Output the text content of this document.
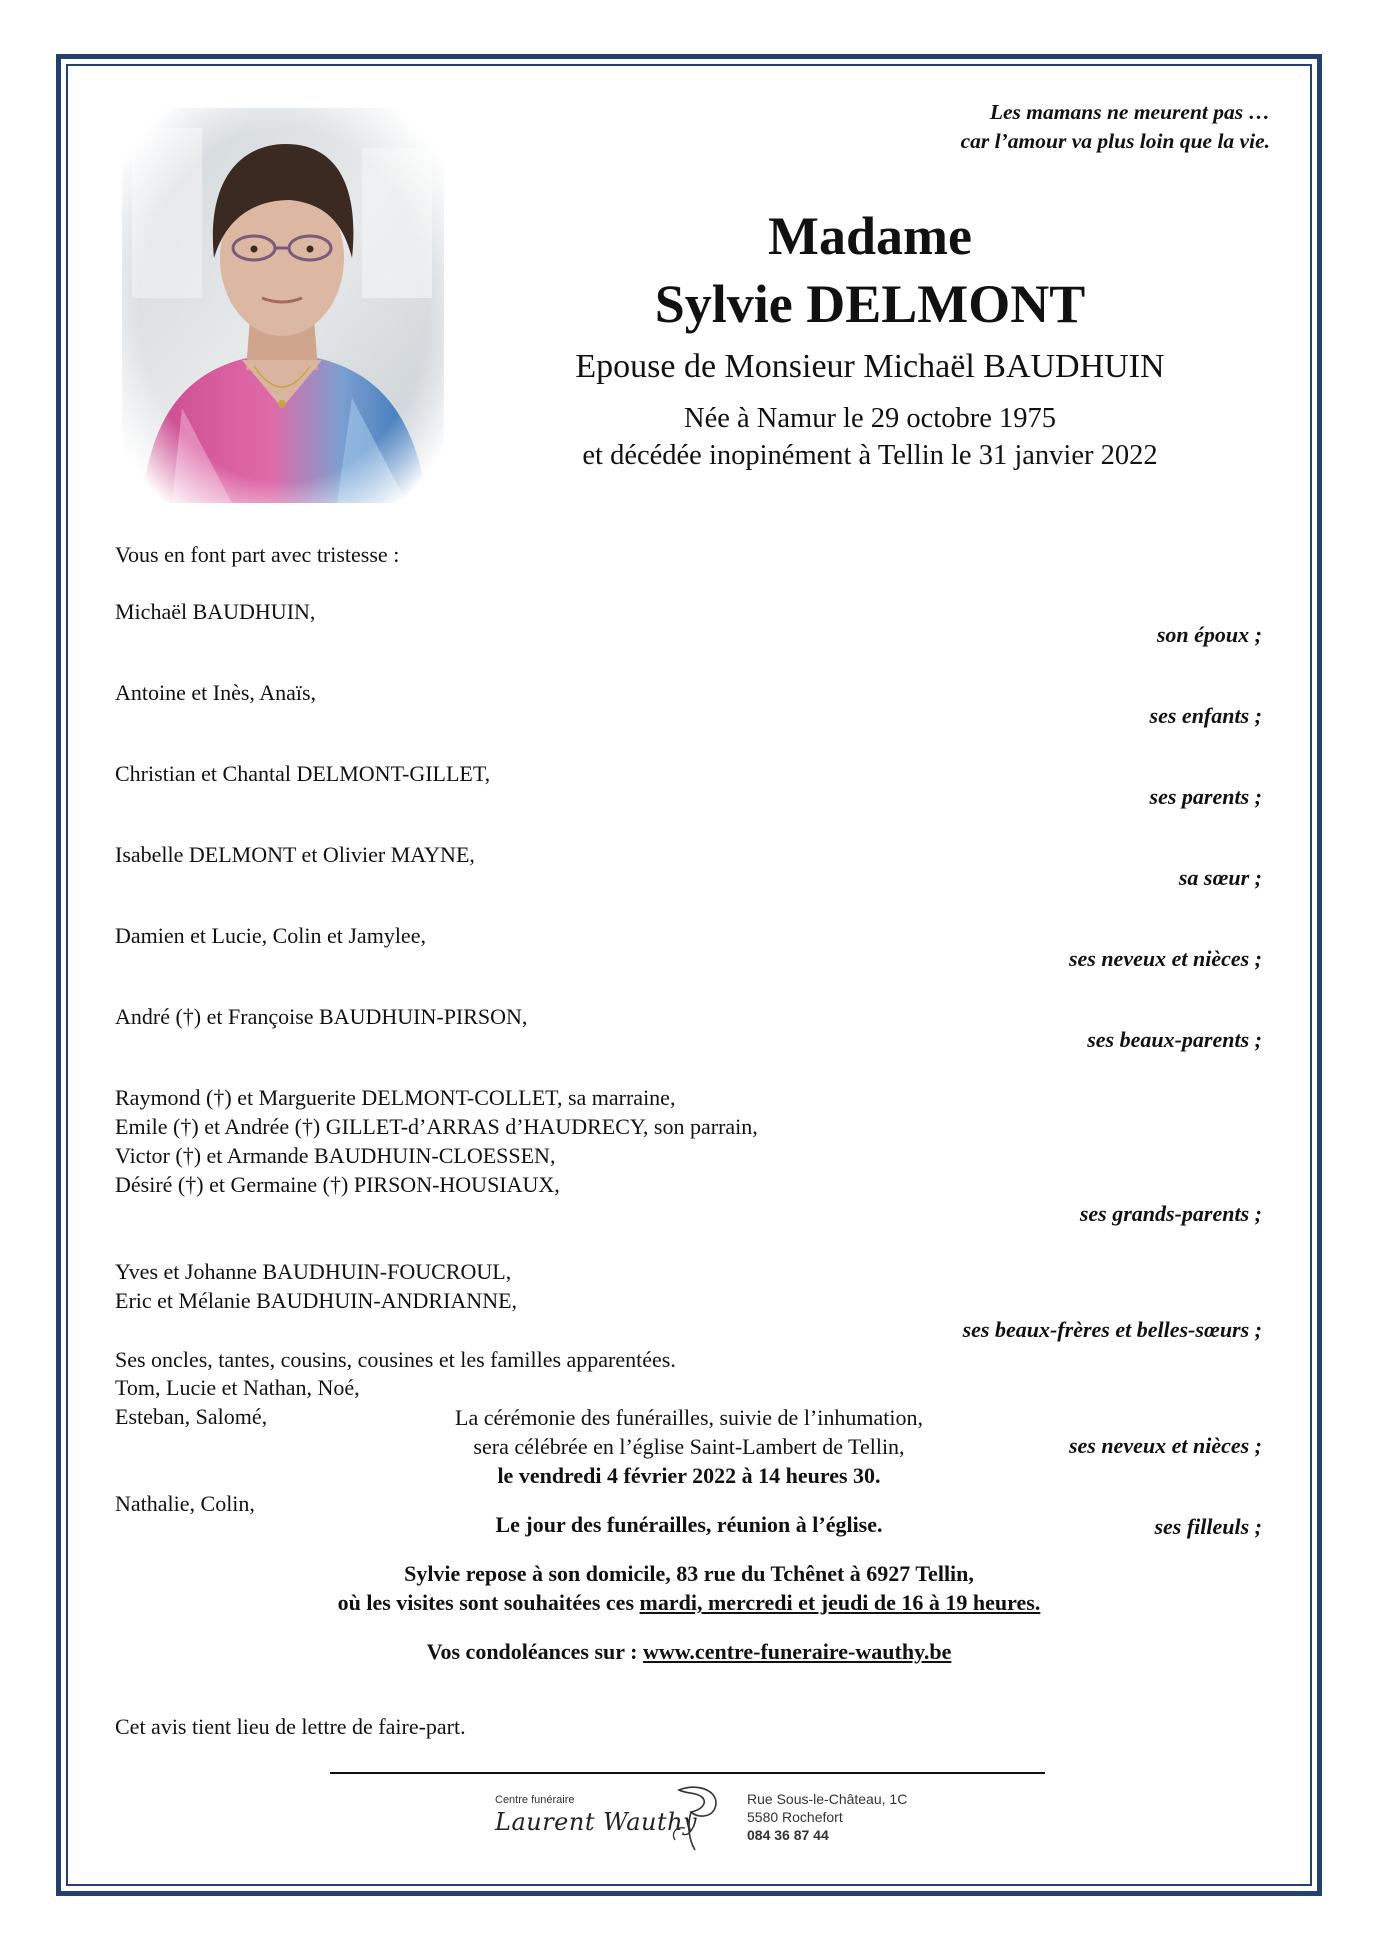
Les mamans ne meurent pas …
car l’amour va plus loin que la vie.
Madame
Sylvie DELMONT
Epouse de Monsieur Michaël BAUDHUIN
Née à Namur le 29 octobre 1975
et décédée inopinément à Tellin le 31 janvier 2022
Vous en font part avec tristesse :
Michaël BAUDHUIN,
son époux ;
Antoine et Inès, Anaïs,
ses enfants ;
Christian et Chantal DELMONT-GILLET,
ses parents ;
Isabelle DELMONT et Olivier MAYNE,
sa sœur ;
Damien et Lucie, Colin et Jamylee,
ses neveux et nièces ;
André (†) et Françoise BAUDHUIN-PIRSON,
ses beaux-parents ;
Raymond (†) et Marguerite DELMONT-COLLET, sa marraine,
Emile (†) et Andrée (†) GILLET-d’ARRAS d’HAUDRECY, son parrain,
Victor (†) et Armande BAUDHUIN-CLOESSEN,
Désiré (†) et Germaine (†) PIRSON-HOUSIAUX,
ses grands-parents ;
Yves et Johanne BAUDHUIN-FOUCROUL,
Eric et Mélanie BAUDHUIN-ANDRIANNE,
ses beaux-frères et belles-sœurs ;
Tom, Lucie et Nathan, Noé,
Esteban, Salomé,
ses neveux et nièces ;
Nathalie, Colin,
ses filleuls ;
Ses oncles, tantes, cousins, cousines et les familles apparentées.
La cérémonie des funérailles, suivie de l’inhumation,
sera célébrée en l’église Saint-Lambert de Tellin,
le vendredi 4 février 2022 à 14 heures 30.
Le jour des funérailles, réunion à l’église.
Sylvie repose à son domicile, 83 rue du Tchênet à 6927 Tellin,
où les visites sont souhaitées ces mardi, mercredi et jeudi de 16 à 19 heures.
Vos condoléances sur : www.centre-funeraire-wauthy.be
Cet avis tient lieu de lettre de faire-part.
Centre funéraire
Laurent Wauthy
Rue Sous-le-Château, 1C
5580 Rochefort
084 36 87 44
